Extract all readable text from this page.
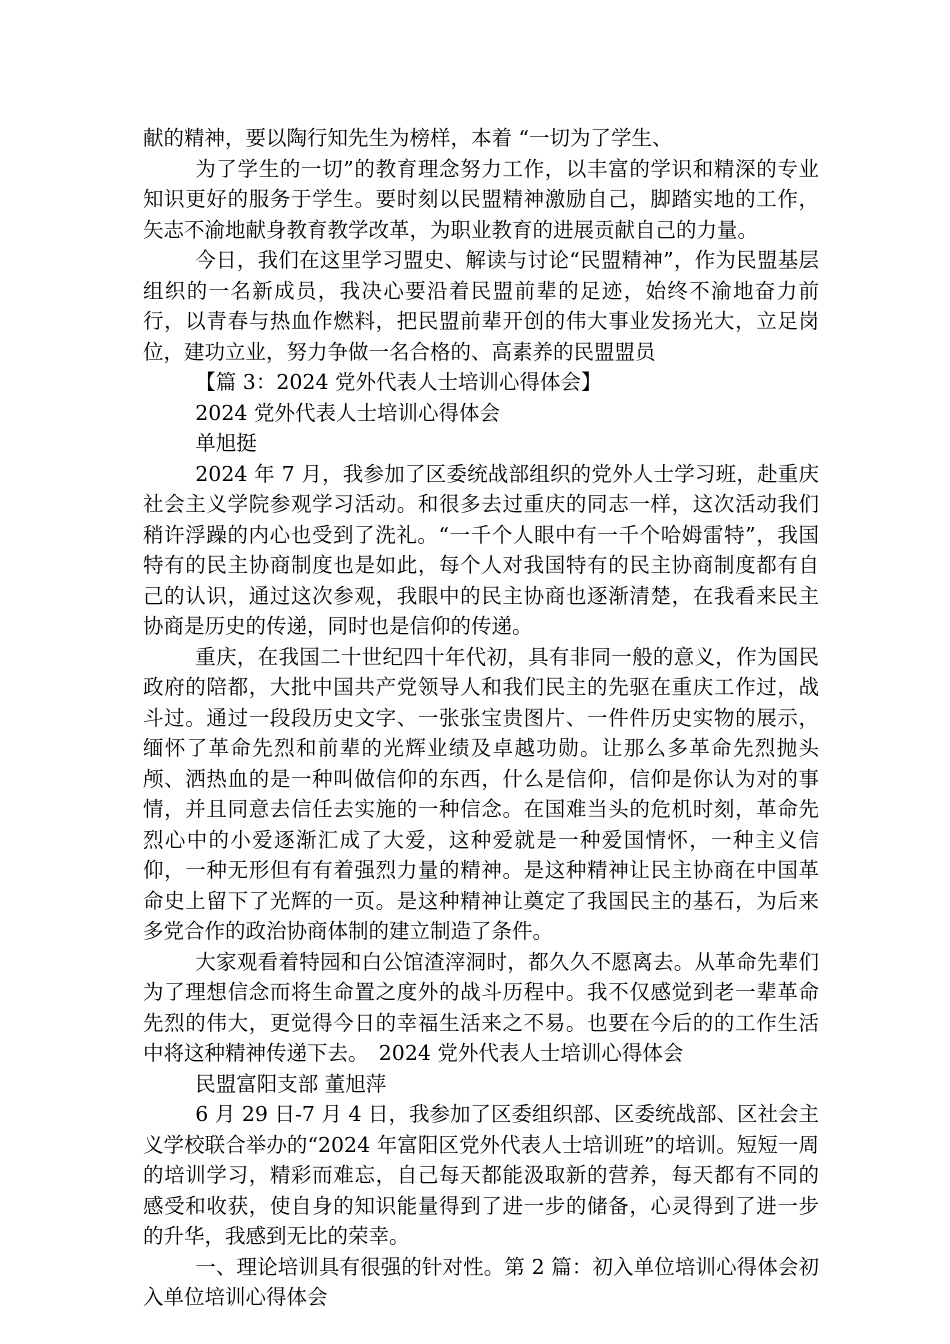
献的精神，要以陶行知先生为榜样，本着 “一切为了学生、

为了学生的一切”的教育理念努力工作，以丰富的学识和精深的专业知识更好的服务于学生。要时刻以民盟精神激励自己，脚踏实地的工作，矢志不渝地献身教育教学改革，为职业教育的进展贡献自己的力量。

今日，我们在这里学习盟史、解读与讨论“民盟精神”，作为民盟基层组织的一名新成员，我决心要沿着民盟前辈的足迹，始终不渝地奋力前行，以青春与热血作燃料，把民盟前辈开创的伟大事业发扬光大，立足岗位，建功立业，努力争做一名合格的、高素养的民盟盟员

【篇 3：2024 党外代表人士培训心得体会】

2024 党外代表人士培训心得体会

单旭挺

2024 年 7 月，我参加了区委统战部组织的党外人士学习班，赴重庆社会主义学院参观学习活动。和很多去过重庆的同志一样，这次活动我们稍许浮躁的内心也受到了洗礼。“一千个人眼中有一千个哈姆雷特”，我国特有的民主协商制度也是如此，每个人对我国特有的民主协商制度都有自己的认识，通过这次参观，我眼中的民主协商也逐渐清楚，在我看来民主协商是历史的传递，同时也是信仰的传递。

重庆，在我国二十世纪四十年代初，具有非同一般的意义，作为国民政府的陪都，大批中国共产党领导人和我们民主的先驱在重庆工作过，战斗过。通过一段段历史文字、一张张宝贵图片、一件件历史实物的展示，缅怀了革命先烈和前辈的光辉业绩及卓越功勋。让那么多革命先烈抛头颅、洒热血的是一种叫做信仰的东西，什么是信仰，信仰是你认为对的事情，并且同意去信任去实施的一种信念。在国难当头的危机时刻，革命先烈心中的小爱逐渐汇成了大爱，这种爱就是一种爱国情怀，一种主义信仰，一种无形但有有着强烈力量的精神。是这种精神让民主协商在中国革命史上留下了光辉的一页。是这种精神让奠定了我国民主的基石，为后来多党合作的政治协商体制的建立制造了条件。

大家观看着特园和白公馆渣滓洞时，都久久不愿离去。从革命先辈们为了理想信念而将生命置之度外的战斗历程中。我不仅感觉到老一辈革命先烈的伟大，更觉得今日的幸福生活来之不易。也要在今后的的工作生活中将这种精神传递下去。　2024 党外代表人士培训心得体会

民盟富阳支部 董旭萍

6 月 29 日-7 月 4 日，我参加了区委组织部、区委统战部、区社会主义学校联合举办的“2024 年富阳区党外代表人士培训班”的培训。短短一周的培训学习，精彩而难忘，自己每天都能汲取新的营养，每天都有不同的感受和收获，使自身的知识能量得到了进一步的储备，心灵得到了进一步的升华，我感到无比的荣幸。

一、理论培训具有很强的针对性。第 2 篇：初入单位培训心得体会初入单位培训心得体会
